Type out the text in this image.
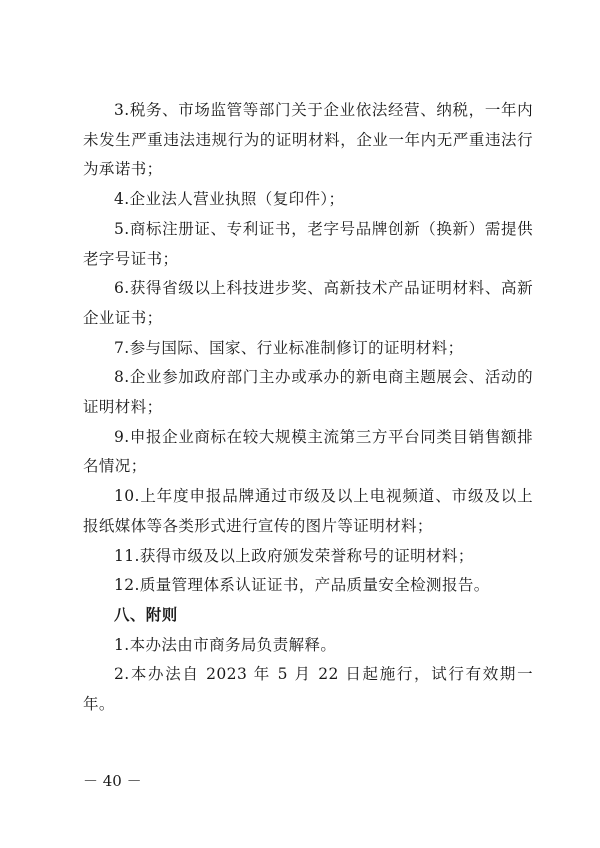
3.税务、市场监管等部门关于企业依法经营、纳税，一年内未发生严重违法违规行为的证明材料，企业一年内无严重违法行为承诺书；

4.企业法人营业执照（复印件）；

5.商标注册证、专利证书，老字号品牌创新（换新）需提供老字号证书；

6.获得省级以上科技进步奖、高新技术产品证明材料、高新企业证书；

7.参与国际、国家、行业标准制修订的证明材料；

8.企业参加政府部门主办或承办的新电商主题展会、活动的证明材料；

9.申报企业商标在较大规模主流第三方平台同类目销售额排名情况；

10.上年度申报品牌通过市级及以上电视频道、市级及以上报纸媒体等各类形式进行宣传的图片等证明材料；

11.获得市级及以上政府颁发荣誉称号的证明材料；

12.质量管理体系认证证书，产品质量安全检测报告。

八、附则

1.本办法由市商务局负责解释。

2.本办法自 2023 年 5 月 22 日起施行，试行有效期一年。

－ 40 －
